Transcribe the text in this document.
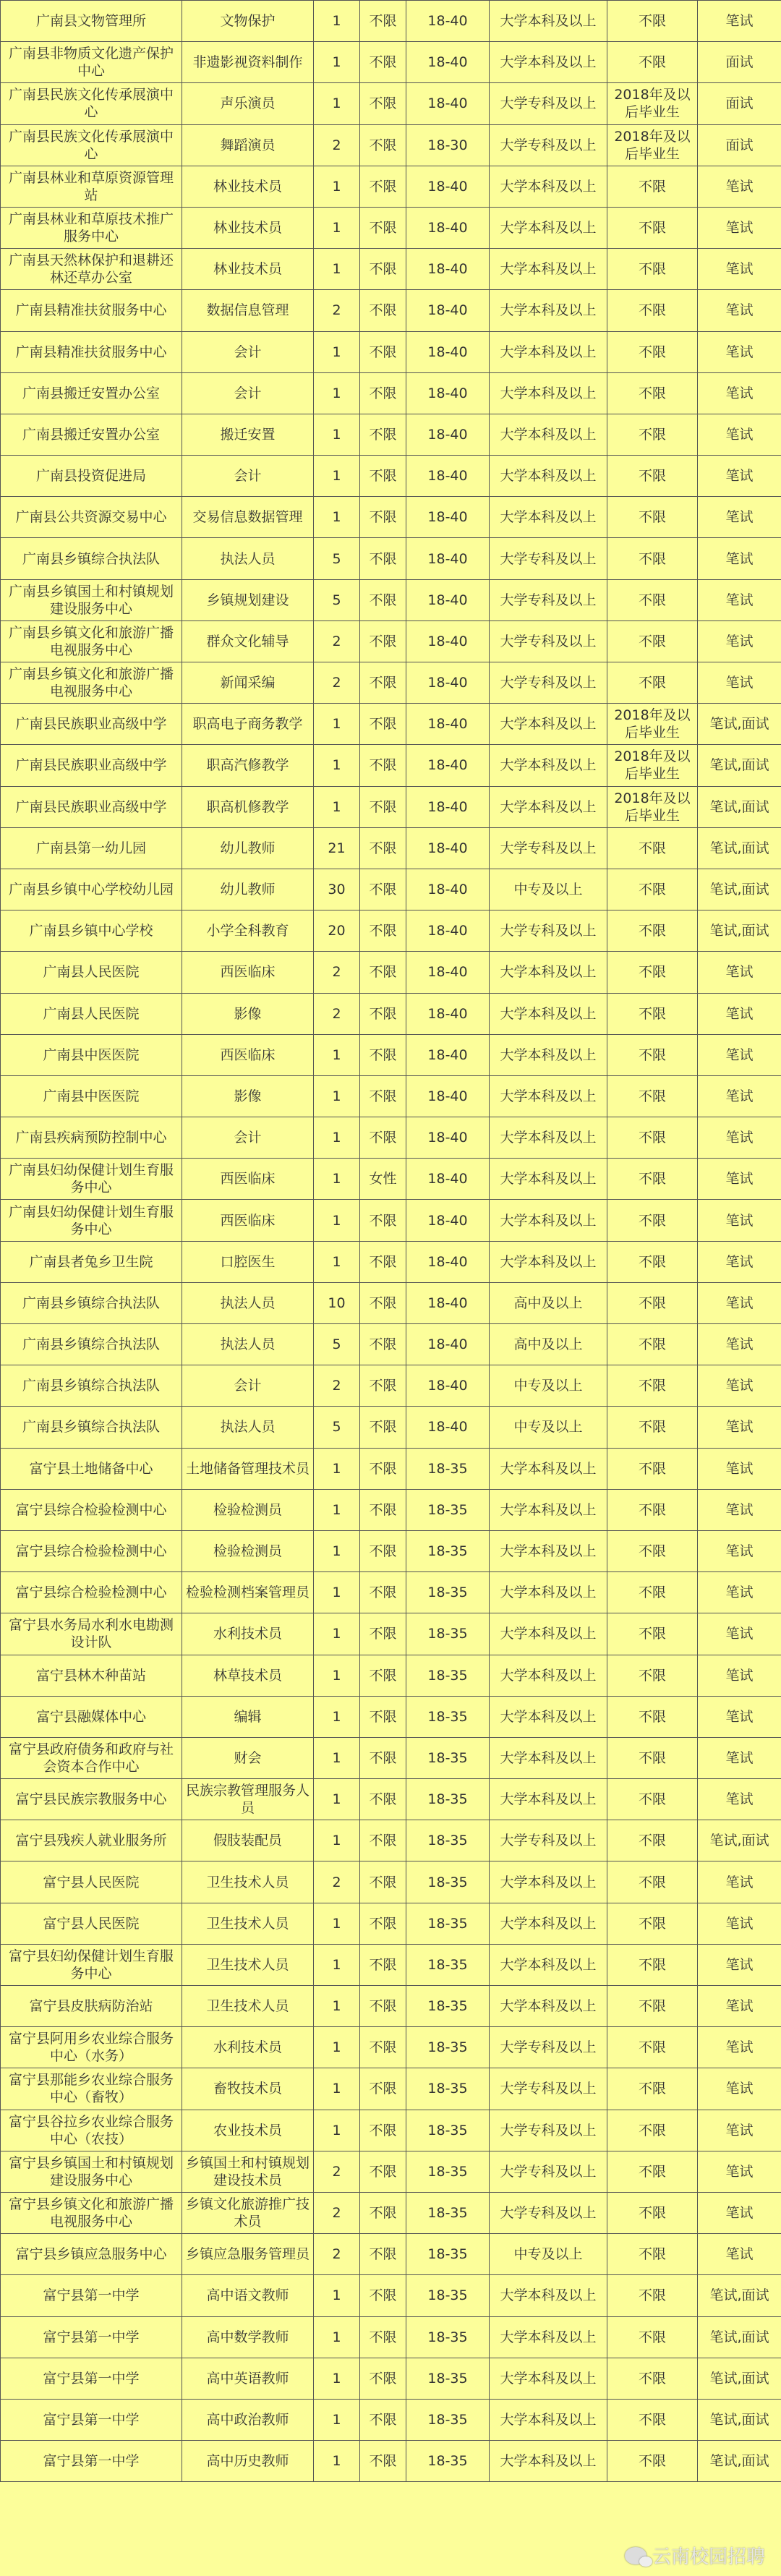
广南县文物管理所	文物保护	1	不限	18-40	大学本科及以上	不限	笔试
广南县非物质文化遗产保护中心	非遗影视资料制作	1	不限	18-40	大学本科及以上	不限	面试
广南县民族文化传承展演中心	声乐演员	1	不限	18-40	大学专科及以上	2018年及以后毕业生	面试
广南县民族文化传承展演中心	舞蹈演员	2	不限	18-30	大学专科及以上	2018年及以后毕业生	面试
广南县林业和草原资源管理站	林业技术员	1	不限	18-40	大学本科及以上	不限	笔试
广南县林业和草原技术推广服务中心	林业技术员	1	不限	18-40	大学本科及以上	不限	笔试
广南县天然林保护和退耕还林还草办公室	林业技术员	1	不限	18-40	大学本科及以上	不限	笔试
广南县精准扶贫服务中心	数据信息管理	2	不限	18-40	大学本科及以上	不限	笔试
广南县精准扶贫服务中心	会计	1	不限	18-40	大学本科及以上	不限	笔试
广南县搬迁安置办公室	会计	1	不限	18-40	大学本科及以上	不限	笔试
广南县搬迁安置办公室	搬迁安置	1	不限	18-40	大学本科及以上	不限	笔试
广南县投资促进局	会计	1	不限	18-40	大学本科及以上	不限	笔试
广南县公共资源交易中心	交易信息数据管理	1	不限	18-40	大学本科及以上	不限	笔试
广南县乡镇综合执法队	执法人员	5	不限	18-40	大学专科及以上	不限	笔试
广南县乡镇国土和村镇规划建设服务中心	乡镇规划建设	5	不限	18-40	大学专科及以上	不限	笔试
广南县乡镇文化和旅游广播电视服务中心	群众文化辅导	2	不限	18-40	大学专科及以上	不限	笔试
广南县乡镇文化和旅游广播电视服务中心	新闻采编	2	不限	18-40	大学专科及以上	不限	笔试
广南县民族职业高级中学	职高电子商务教学	1	不限	18-40	大学本科及以上	2018年及以后毕业生	笔试,面试
广南县民族职业高级中学	职高汽修教学	1	不限	18-40	大学本科及以上	2018年及以后毕业生	笔试,面试
广南县民族职业高级中学	职高机修教学	1	不限	18-40	大学本科及以上	2018年及以后毕业生	笔试,面试
广南县第一幼儿园	幼儿教师	21	不限	18-40	大学专科及以上	不限	笔试,面试
广南县乡镇中心学校幼儿园	幼儿教师	30	不限	18-40	中专及以上	不限	笔试,面试
广南县乡镇中心学校	小学全科教育	20	不限	18-40	大学专科及以上	不限	笔试,面试
广南县人民医院	西医临床	2	不限	18-40	大学本科及以上	不限	笔试
广南县人民医院	影像	2	不限	18-40	大学本科及以上	不限	笔试
广南县中医医院	西医临床	1	不限	18-40	大学本科及以上	不限	笔试
广南县中医医院	影像	1	不限	18-40	大学本科及以上	不限	笔试
广南县疾病预防控制中心	会计	1	不限	18-40	大学本科及以上	不限	笔试
广南县妇幼保健计划生育服务中心	西医临床	1	女性	18-40	大学本科及以上	不限	笔试
广南县妇幼保健计划生育服务中心	西医临床	1	不限	18-40	大学本科及以上	不限	笔试
广南县者兔乡卫生院	口腔医生	1	不限	18-40	大学本科及以上	不限	笔试
广南县乡镇综合执法队	执法人员	10	不限	18-40	高中及以上	不限	笔试
广南县乡镇综合执法队	执法人员	5	不限	18-40	高中及以上	不限	笔试
广南县乡镇综合执法队	会计	2	不限	18-40	中专及以上	不限	笔试
广南县乡镇综合执法队	执法人员	5	不限	18-40	中专及以上	不限	笔试
富宁县土地储备中心	土地储备管理技术员	1	不限	18-35	大学本科及以上	不限	笔试
富宁县综合检验检测中心	检验检测员	1	不限	18-35	大学本科及以上	不限	笔试
富宁县综合检验检测中心	检验检测员	1	不限	18-35	大学本科及以上	不限	笔试
富宁县综合检验检测中心	检验检测档案管理员	1	不限	18-35	大学本科及以上	不限	笔试
富宁县水务局水利水电勘测设计队	水利技术员	1	不限	18-35	大学本科及以上	不限	笔试
富宁县林木种苗站	林草技术员	1	不限	18-35	大学本科及以上	不限	笔试
富宁县融媒体中心	编辑	1	不限	18-35	大学本科及以上	不限	笔试
富宁县政府债务和政府与社会资本合作中心	财会	1	不限	18-35	大学本科及以上	不限	笔试
富宁县民族宗教服务中心	民族宗教管理服务人员	1	不限	18-35	大学本科及以上	不限	笔试
富宁县残疾人就业服务所	假肢装配员	1	不限	18-35	大学专科及以上	不限	笔试,面试
富宁县人民医院	卫生技术人员	2	不限	18-35	大学本科及以上	不限	笔试
富宁县人民医院	卫生技术人员	1	不限	18-35	大学本科及以上	不限	笔试
富宁县妇幼保健计划生育服务中心	卫生技术人员	1	不限	18-35	大学本科及以上	不限	笔试
富宁县皮肤病防治站	卫生技术人员	1	不限	18-35	大学本科及以上	不限	笔试
富宁县阿用乡农业综合服务中心（水务）	水利技术员	1	不限	18-35	大学专科及以上	不限	笔试
富宁县那能乡农业综合服务中心（畜牧）	畜牧技术员	1	不限	18-35	大学专科及以上	不限	笔试
富宁县谷拉乡农业综合服务中心（农技）	农业技术员	1	不限	18-35	大学专科及以上	不限	笔试
富宁县乡镇国土和村镇规划建设服务中心	乡镇国土和村镇规划建设技术员	2	不限	18-35	大学专科及以上	不限	笔试
富宁县乡镇文化和旅游广播电视服务中心	乡镇文化旅游推广技术员	2	不限	18-35	大学专科及以上	不限	笔试
富宁县乡镇应急服务中心	乡镇应急服务管理员	2	不限	18-35	中专及以上	不限	笔试
富宁县第一中学	高中语文教师	1	不限	18-35	大学本科及以上	不限	笔试,面试
富宁县第一中学	高中数学教师	1	不限	18-35	大学本科及以上	不限	笔试,面试
富宁县第一中学	高中英语教师	1	不限	18-35	大学本科及以上	不限	笔试,面试
富宁县第一中学	高中政治教师	1	不限	18-35	大学本科及以上	不限	笔试,面试
富宁县第一中学	高中历史教师	1	不限	18-35	大学本科及以上	不限	笔试,面试
云南校园招聘
